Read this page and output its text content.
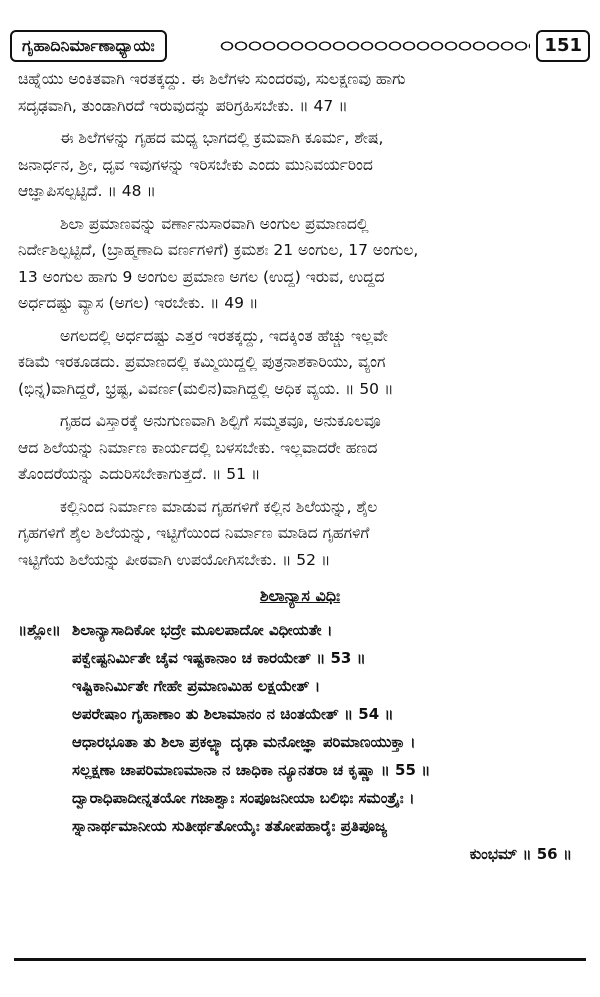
ಗೃಹಾದಿನಿರ್ಮಾಣಾಧ್ಯಾಯಃ	151
ಚಿಹ್ನೆಯು ಅಂಕಿತವಾಗಿ ಇರತಕ್ಕದ್ದು. ಈ ಶಿಲೆಗಳು ಸುಂದರವು, ಸುಲಕ್ಷಣವು ಹಾಗು
ಸದೃಢವಾಗಿ, ತುಂಡಾಗಿರದೆ ಇರುವುದನ್ನು ಪರಿಗ್ರಹಿಸಬೇಕು. ॥ 47 ॥
ಈ ಶಿಲೆಗಳನ್ನು ಗೃಹದ ಮಧ್ಯ ಭಾಗದಲ್ಲಿ ಕ್ರಮವಾಗಿ ಕೂರ್ಮ, ಶೇಷ,
ಜನಾರ್ಧನ, ಶ್ರೀ, ಧೃವ ಇವುಗಳನ್ನು ಇರಿಸಬೇಕು ಎಂದು ಮುನಿವರ್ಯರಿಂದ
ಆಜ್ಞಾಪಿಸಲ್ಪಟ್ಟಿದೆ. ॥ 48 ॥
ಶಿಲಾ ಪ್ರಮಾಣವನ್ನು ವರ್ಣಾನುಸಾರವಾಗಿ ಅಂಗುಲ ಪ್ರಮಾಣದಲ್ಲಿ
ನಿರ್ದೇಶಿಲ್ಪಟ್ಟಿದೆ, (ಬ್ರಾಹ್ಮಣಾದಿ ವರ್ಣಗಳಿಗೆ) ಕ್ರಮಶಃ 21 ಅಂಗುಲ, 17 ಅಂಗುಲ,
13 ಅಂಗುಲ ಹಾಗು 9 ಅಂಗುಲ ಪ್ರಮಾಣ ಅಗಲ (ಉದ್ದ) ಇರುವ, ಉದ್ದದ
ಅರ್ಧದಷ್ಟು ವ್ಯಾಸ (ಅಗಲ) ಇರಬೇಕು. ॥ 49 ॥
ಅಗಲದಲ್ಲಿ ಅರ್ಧದಷ್ಟು ಎತ್ತರ ಇರತಕ್ಕದ್ದು, ಇದಕ್ಕಿಂತ ಹೆಚ್ಚು ಇಲ್ಲವೇ
ಕಡಿಮೆ ಇರಕೂಡದು. ಪ್ರಮಾಣದಲ್ಲಿ ಕಮ್ಮಿಯಿದ್ದಲ್ಲಿ ಪುತ್ರನಾಶಕಾರಿಯು, ವ್ಯಂಗ
(ಭಿನ್ನ)ವಾಗಿದ್ದರೆ, ಭ್ರಷ್ಟ, ವಿವರ್ಣ(ಮಲಿನ)ವಾಗಿದ್ದಲ್ಲಿ ಅಧಿಕ ವ್ಯಯ. ॥ 50 ॥
ಗೃಹದ ವಿಸ್ತಾರಕ್ಕೆ ಅನುಗುಣವಾಗಿ ಶಿಲ್ಪಿಗೆ ಸಮ್ಮತವೂ, ಅನುಕೂಲವೂ
ಆದ ಶಿಲೆಯನ್ನು ನಿರ್ಮಾಣ ಕಾರ್ಯದಲ್ಲಿ ಬಳಸಬೇಕು. ಇಲ್ಲವಾದರೇ ಹಣದ
ತೊಂದರೆಯನ್ನು ಎದುರಿಸಬೇಕಾಗುತ್ತದೆ. ॥ 51 ॥
ಕಲ್ಲಿನಿಂದ ನಿರ್ಮಾಣ ಮಾಡುವ ಗೃಹಗಳಿಗೆ ಕಲ್ಲಿನ ಶಿಲೆಯನ್ನು, ಶೈಲ
ಗೃಹಗಳಿಗೆ ಶೈಲ ಶಿಲೆಯನ್ನು, ಇಟ್ಟಿಗೆಯಿಂದ ನಿರ್ಮಾಣ ಮಾಡಿದ ಗೃಹಗಳಿಗೆ
ಇಟ್ಟಿಗೆಯ ಶಿಲೆಯನ್ನು ಪೀಠವಾಗಿ ಉಪಯೋಗಿಸಬೇಕು. ॥ 52 ॥
ಶಿಲಾನ್ಯಾಸ ವಿಧಿಃ
॥ಶ್ಲೋ॥ ಶಿಲಾನ್ಯಾಸಾದಿಕೋ ಭದ್ರೇ ಮೂಲಪಾದೋ ವಿಧೀಯತೇ ।
ಪಕ್ವೇಷ್ಟನಿರ್ಮಿತೇ ಚೈವ ಇಷ್ಟಕಾನಾಂ ಚ ಕಾರಯೇತ್ ॥ 53 ॥
ಇಷ್ಟಿಕಾನಿರ್ಮಿತೇ ಗೇಹೇ ಪ್ರಮಾಣಮಿಹ ಲಕ್ಷಯೇತ್ ।
ಅಪರೇಷಾಂ ಗೃಹಾಣಾಂ ತು ಶಿಲಾಮಾನಂ ನ ಚಿಂತಯೇತ್ ॥ 54 ॥
ಆಧಾರಭೂತಾ ತು ಶಿಲಾ ಪ್ರಕಲ್ಪ್ಯಾ ದೃಢಾ ಮನೋಜ್ಞಾ ಪರಿಮಾಣಯುಕ್ತಾ ।
ಸಲ್ಲಕ್ಷಣಾ ಚಾಪರಿಮಾಣಮಾನಾ ನ ಚಾಧಿಕಾ ನ್ಯೂನತರಾ ಚ ಕೃಷ್ಣಾ ॥ 55 ॥
ದ್ವಾರಾಧಿಪಾದೀನ್ನತಯೋ ಗಜಾಶ್ವಾಃ ಸಂಪೂಜನೀಯಾ ಬಲಿಭಿಃ ಸಮಂತ್ರೈಃ ।
ಸ್ನಾನಾರ್ಥಮಾನೀಯ ಸುತೀರ್ಥತೋಯೈಃ ತತೋಪಹಾರೈಃ ಪ್ರತಿಪೂಜ್ಯ
ಕುಂಭಮ್ ॥ 56 ॥
